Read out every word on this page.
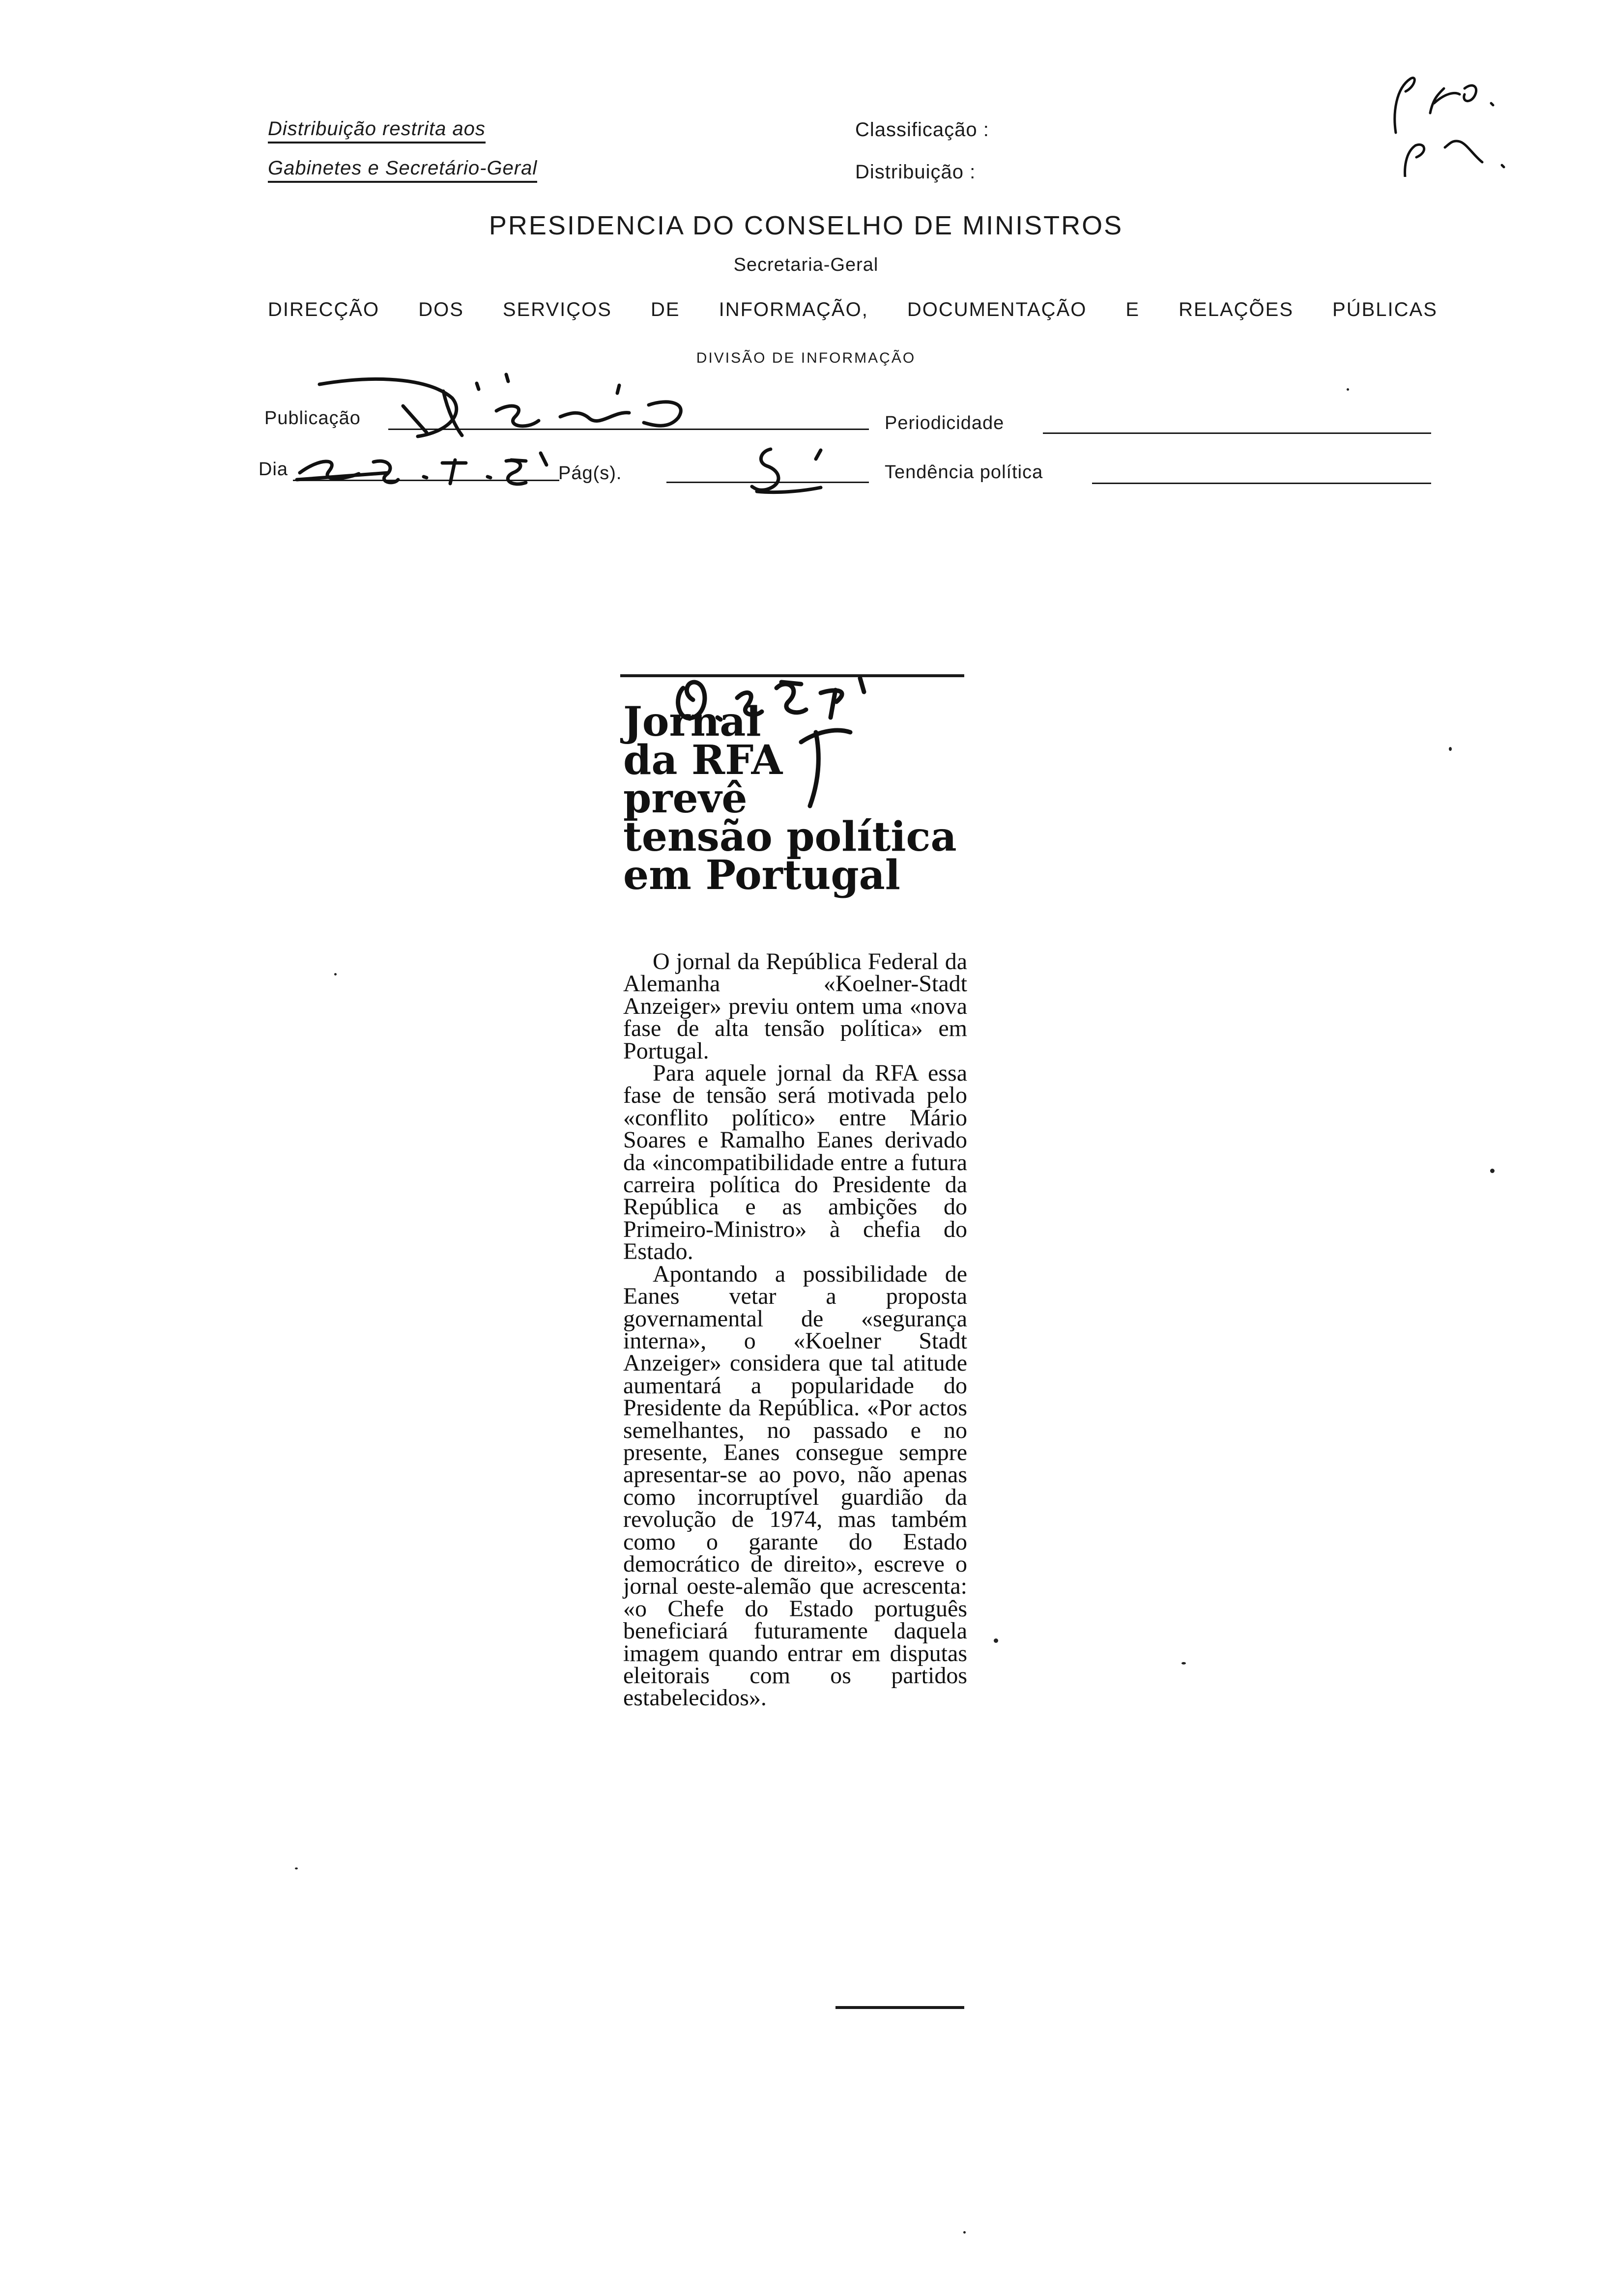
Distribuição restrita aos
Gabinetes e Secretário-Geral
Classificação :
Distribuição :
PRESIDENCIA DO CONSELHO DE MINISTROS
Secretaria-Geral
DIRECÇÃO DOS SERVIÇOS DE INFORMAÇÃO, DOCUMENTAÇÃO E RELAÇÕES PÚBLICAS
DIVISÃO DE INFORMAÇÃO
Publicação	Periodicidade
Dia	Pág(s).	Tendência política
Jornal
da RFA
prevê
tensão política
em Portugal

O jornal da República Federal da Alemanha «Koelner-Stadt Anzeiger» previu ontem uma «nova fase de alta tensão política» em Portugal.

Para aquele jornal da RFA essa fase de tensão será motivada pelo «conflito político» entre Mário Soares e Ramalho Eanes derivado da «incompatibilidade entre a futura carreira política do Presidente da República e as ambições do Primeiro-Ministro» à chefia do Estado.

Apontando a possibilidade de Eanes vetar a proposta governamental de «segurança interna», o «Koelner Stadt Anzeiger» considera que tal atitude aumentará a popularidade do Presidente da República. «Por actos semelhantes, no passado e no presente, Eanes consegue sempre apresentar-se ao povo, não apenas como incorruptível guardião da revolução de 1974, mas também como o garante do Estado democrático de direito», escreve o jornal oeste-alemão que acrescenta: «o Chefe do Estado português beneficiará futuramente daquela imagem quando entrar em disputas eleitorais com os partidos estabelecidos».
